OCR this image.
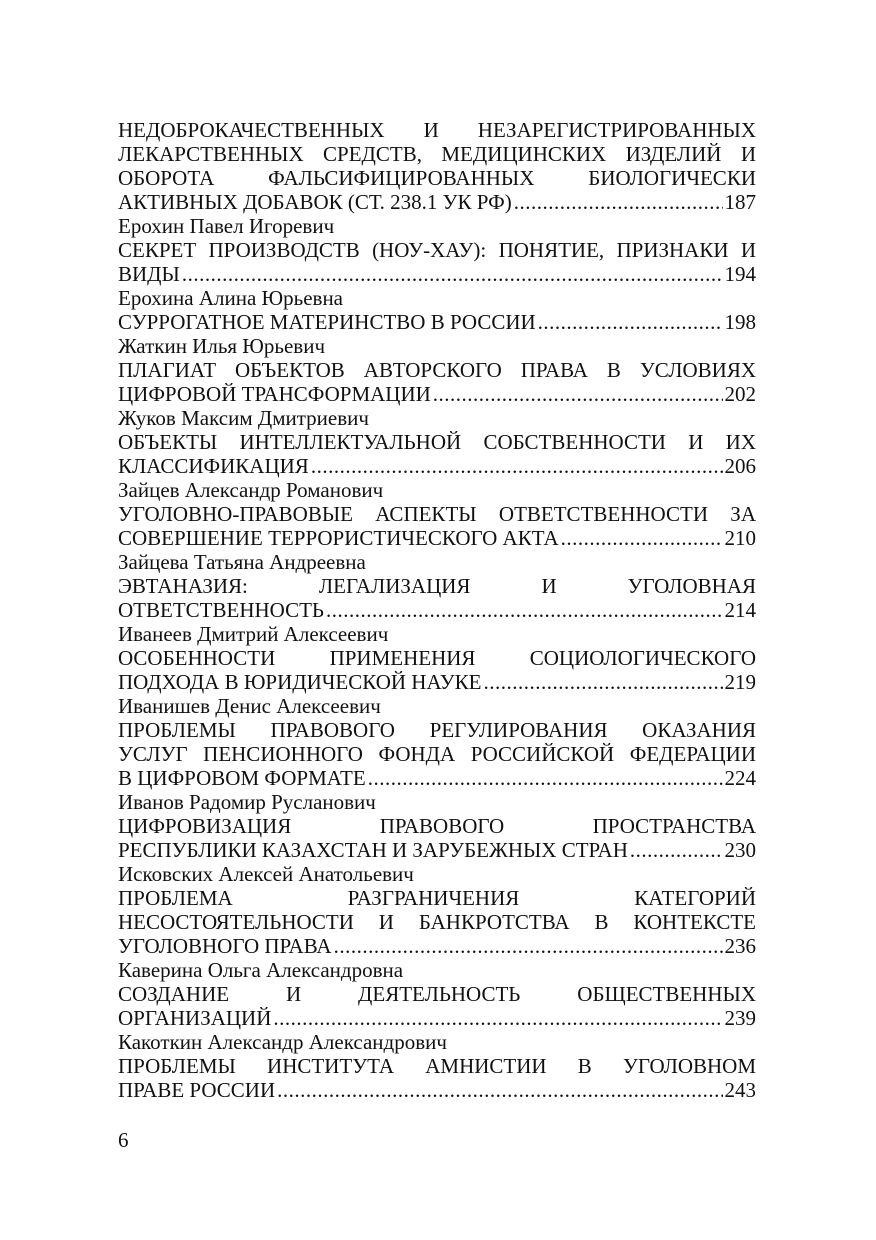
НЕДОБРОКАЧЕСТВЕННЫХ И НЕЗАРЕГИСТРИРОВАННЫХ
ЛЕКАРСТВЕННЫХ СРЕДСТВ, МЕДИЦИНСКИХ ИЗДЕЛИЙ И
ОБОРОТА ФАЛЬСИФИЦИРОВАННЫХ БИОЛОГИЧЕСКИ
АКТИВНЫХ ДОБАВОК (СТ. 238.1 УК РФ) .....	187
Ерохин Павел Игоревич
СЕКРЕТ ПРОИЗВОДСТВ (НОУ-ХАУ): ПОНЯТИЕ, ПРИЗНАКИ И
ВИДЫ .....	194
Ерохина Алина Юрьевна
СУРРОГАТНОЕ МАТЕРИНСТВО В РОССИИ .....	198
Жаткин Илья Юрьевич
ПЛАГИАТ ОБЪЕКТОВ АВТОРСКОГО ПРАВА В УСЛОВИЯХ
ЦИФРОВОЙ ТРАНСФОРМАЦИИ .....	202
Жуков Максим Дмитриевич
ОБЪЕКТЫ ИНТЕЛЛЕКТУАЛЬНОЙ СОБСТВЕННОСТИ И ИХ
КЛАССИФИКАЦИЯ .....	206
Зайцев Александр Романович
УГОЛОВНО-ПРАВОВЫЕ АСПЕКТЫ ОТВЕТСТВЕННОСТИ ЗА
СОВЕРШЕНИЕ ТЕРРОРИСТИЧЕСКОГО АКТА .....	210
Зайцева Татьяна Андреевна
ЭВТАНАЗИЯ: ЛЕГАЛИЗАЦИЯ И УГОЛОВНАЯ
ОТВЕТСТВЕННОСТЬ .....	214
Иванеев Дмитрий Алексеевич
ОСОБЕННОСТИ ПРИМЕНЕНИЯ СОЦИОЛОГИЧЕСКОГО
ПОДХОДА В ЮРИДИЧЕСКОЙ НАУКЕ .....	219
Иванишев Денис Алексеевич
ПРОБЛЕМЫ ПРАВОВОГО РЕГУЛИРОВАНИЯ ОКАЗАНИЯ
УСЛУГ ПЕНСИОННОГО ФОНДА РОССИЙСКОЙ ФЕДЕРАЦИИ
В ЦИФРОВОМ ФОРМАТЕ .....	224
Иванов Радомир Русланович
ЦИФРОВИЗАЦИЯ ПРАВОВОГО ПРОСТРАНСТВА
РЕСПУБЛИКИ КАЗАХСТАН И ЗАРУБЕЖНЫХ СТРАН .....	230
Исковских Алексей Анатольевич
ПРОБЛЕМА РАЗГРАНИЧЕНИЯ КАТЕГОРИЙ
НЕСОСТОЯТЕЛЬНОСТИ И БАНКРОТСТВА В КОНТЕКСТЕ
УГОЛОВНОГО ПРАВА .....	236
Каверина Ольга Александровна
СОЗДАНИЕ И ДЕЯТЕЛЬНОСТЬ ОБЩЕСТВЕННЫХ
ОРГАНИЗАЦИЙ .....	239
Какоткин Александр Александрович
ПРОБЛЕМЫ ИНСТИТУТА АМНИСТИИ В УГОЛОВНОМ
ПРАВЕ РОССИИ .....	243
6
